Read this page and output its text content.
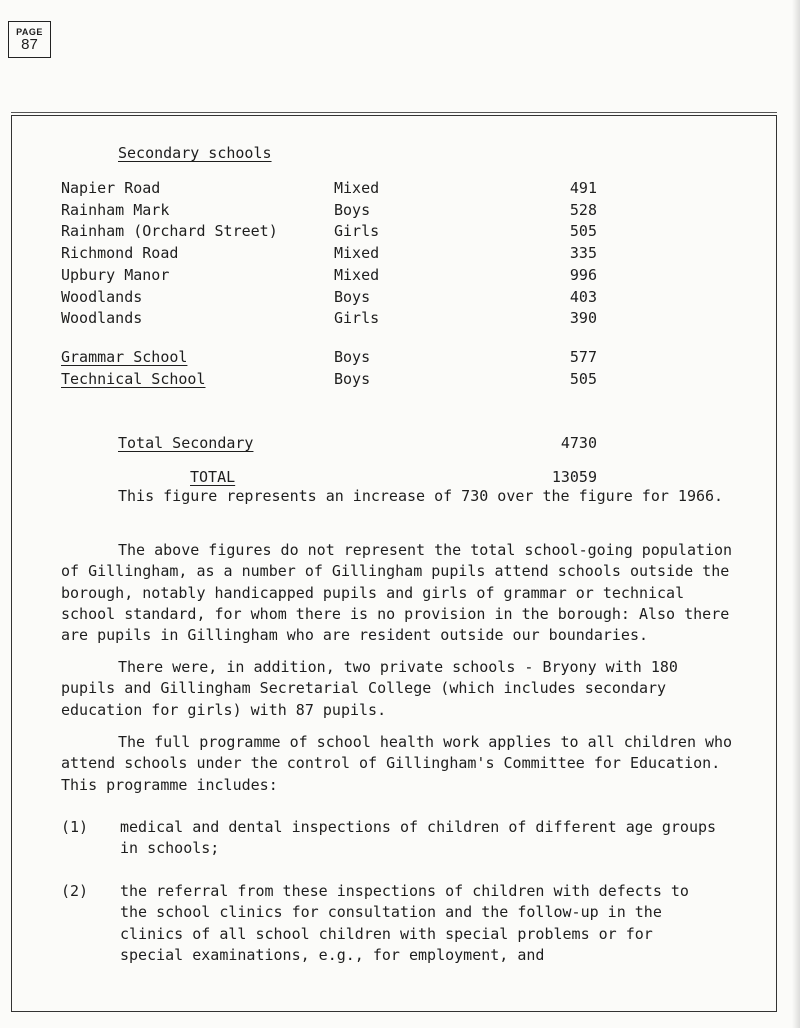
PAGE
87
Secondary schools
Napier Road	Mixed	491
Rainham Mark	Boys	528
Rainham (Orchard Street)	Girls	505
Richmond Road	Mixed	335
Upbury Manor	Mixed	996
Woodlands	Boys	403
Woodlands	Girls	390
Grammar School	Boys	577
Technical School	Boys	505
Total Secondary	4730
TOTAL	13059
This figure represents an increase of 730 over the figure for 1966.
The above figures do not represent the total school-going population of Gillingham, as a number of Gillingham pupils attend schools outside the borough, notably handicapped pupils and girls of grammar or technical school standard, for whom there is no provision in the borough: Also there are pupils in Gillingham who are resident outside our boundaries.
There were, in addition, two private schools - Bryony with 180 pupils and Gillingham Secretarial College (which includes secondary education for girls) with 87 pupils.
The full programme of school health work applies to all children who attend schools under the control of Gillingham's Committee for Education. This programme includes:
(1) medical and dental inspections of children of different age groups in schools;
(2) the referral from these inspections of children with defects to the school clinics for consultation and the follow-up in the clinics of all school children with special problems or for special examinations, e.g., for employment, and
